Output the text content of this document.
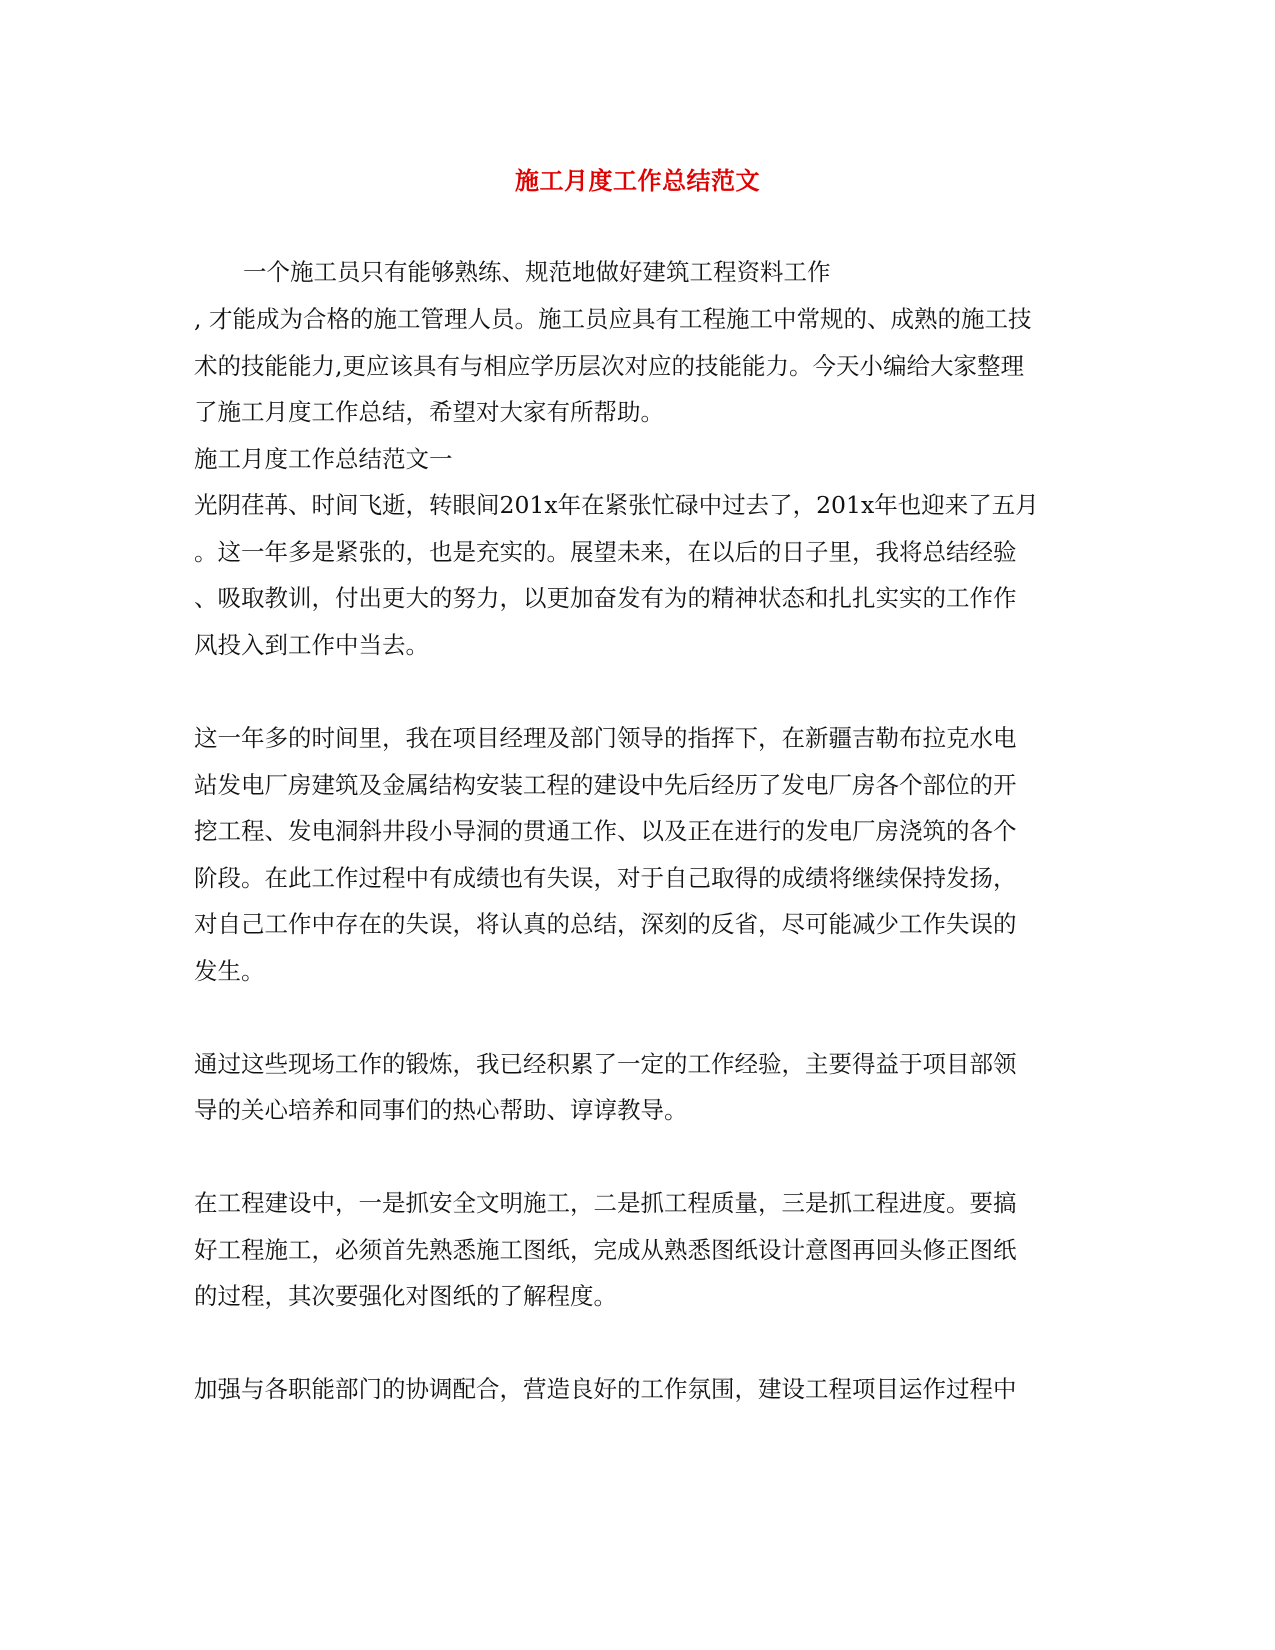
施工月度工作总结范文
一个施工员只有能够熟练、规范地做好建筑工程资料工作
, 才能成为合格的施工管理人员。施工员应具有工程施工中常规的、成熟的施工技
术的技能能力,更应该具有与相应学历层次对应的技能能力。今天小编给大家整理
了施工月度工作总结，希望对大家有所帮助。
施工月度工作总结范文一
光阴荏苒、时间飞逝，转眼间201x年在紧张忙碌中过去了，201x年也迎来了五月
。这一年多是紧张的，也是充实的。展望未来，在以后的日子里，我将总结经验
、吸取教训，付出更大的努力，以更加奋发有为的精神状态和扎扎实实的工作作
风投入到工作中当去。
这一年多的时间里，我在项目经理及部门领导的指挥下，在新疆吉勒布拉克水电
站发电厂房建筑及金属结构安装工程的建设中先后经历了发电厂房各个部位的开
挖工程、发电洞斜井段小导洞的贯通工作、以及正在进行的发电厂房浇筑的各个
阶段。在此工作过程中有成绩也有失误，对于自己取得的成绩将继续保持发扬，
对自己工作中存在的失误，将认真的总结，深刻的反省，尽可能减少工作失误的
发生。
通过这些现场工作的锻炼，我已经积累了一定的工作经验，主要得益于项目部领
导的关心培养和同事们的热心帮助、谆谆教导。
在工程建设中，一是抓安全文明施工，二是抓工程质量，三是抓工程进度。要搞
好工程施工，必须首先熟悉施工图纸，完成从熟悉图纸设计意图再回头修正图纸
的过程，其次要强化对图纸的了解程度。
加强与各职能部门的协调配合，营造良好的工作氛围，建设工程项目运作过程中
